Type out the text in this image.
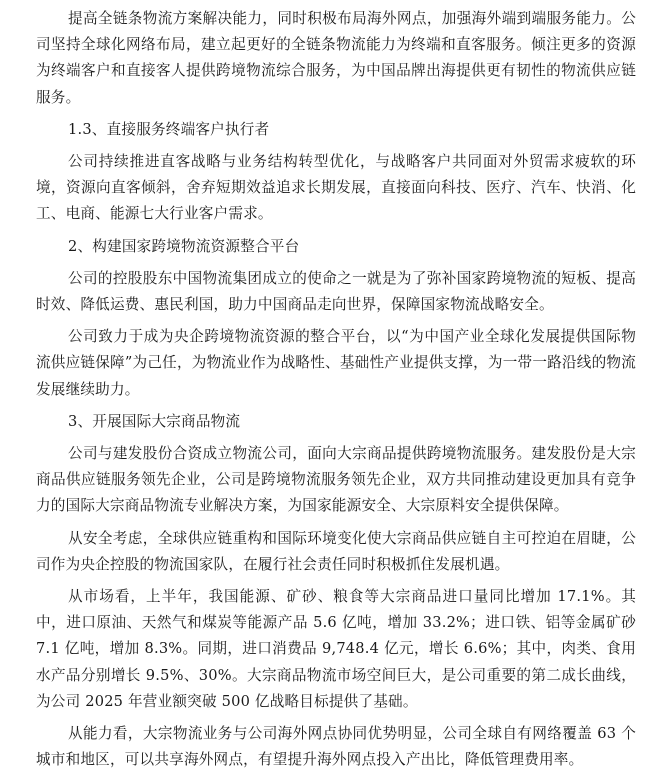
提高全链条物流方案解决能力，同时积极布局海外网点，加强海外端到端服务能力。公司坚持全球化网络布局，建立起更好的全链条物流能力为终端和直客服务。倾注更多的资源为终端客户和直接客人提供跨境物流综合服务，为中国品牌出海提供更有韧性的物流供应链服务。

1.3、直接服务终端客户执行者

公司持续推进直客战略与业务结构转型优化，与战略客户共同面对外贸需求疲软的环境，资源向直客倾斜，舍弃短期效益追求长期发展，直接面向科技、医疗、汽车、快消、化工、电商、能源七大行业客户需求。

2、构建国家跨境物流资源整合平台

公司的控股股东中国物流集团成立的使命之一就是为了弥补国家跨境物流的短板、提高时效、降低运费、惠民利国，助力中国商品走向世界，保障国家物流战略安全。

公司致力于成为央企跨境物流资源的整合平台，以“为中国产业全球化发展提供国际物流供应链保障”为己任，为物流业作为战略性、基础性产业提供支撑，为一带一路沿线的物流发展继续助力。

3、开展国际大宗商品物流

公司与建发股份合资成立物流公司，面向大宗商品提供跨境物流服务。建发股份是大宗商品供应链服务领先企业，公司是跨境物流服务领先企业，双方共同推动建设更加具有竞争力的国际大宗商品物流专业解决方案，为国家能源安全、大宗原料安全提供保障。

从安全考虑，全球供应链重构和国际环境变化使大宗商品供应链自主可控迫在眉睫，公司作为央企控股的物流国家队，在履行社会责任同时积极抓住发展机遇。

从市场看，上半年，我国能源、矿砂、粮食等大宗商品进口量同比增加 17.1%。其中，进口原油、天然气和煤炭等能源产品 5.6 亿吨，增加 33.2%；进口铁、铝等金属矿砂 7.1 亿吨，增加 8.3%。同期，进口消费品 9,748.4 亿元，增长 6.6%；其中，肉类、食用水产品分别增长 9.5%、30%。大宗商品物流市场空间巨大，是公司重要的第二成长曲线，为公司 2025 年营业额突破 500 亿战略目标提供了基础。

从能力看，大宗物流业务与公司海外网点协同优势明显，公司全球自有网络覆盖 63 个城市和地区，可以共享海外网点，有望提升海外网点投入产出比，降低管理费用率。
